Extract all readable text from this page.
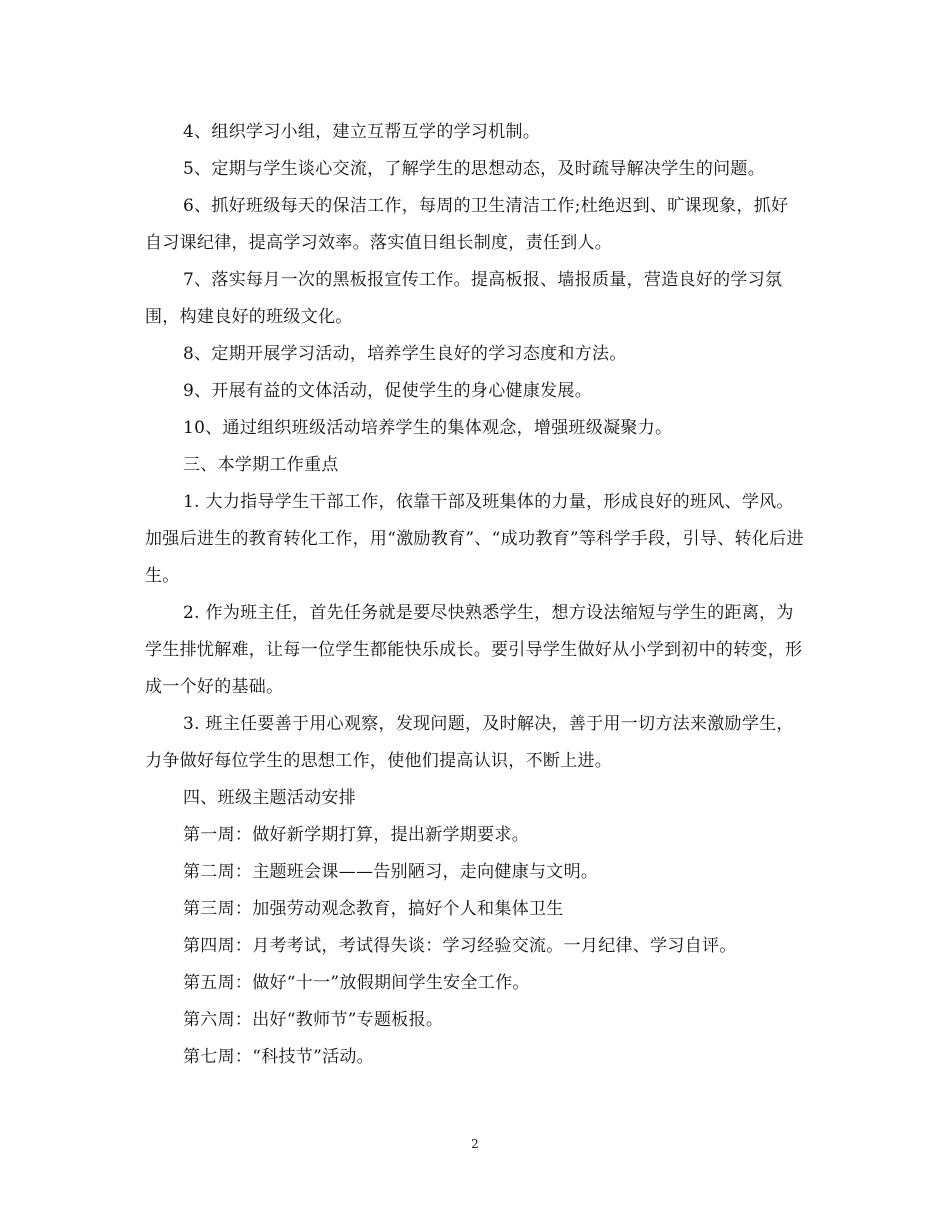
4、组织学习小组，建立互帮互学的学习机制。

5、定期与学生谈心交流，了解学生的思想动态，及时疏导解决学生的问题。

6、抓好班级每天的保洁工作，每周的卫生清洁工作;杜绝迟到、旷课现象，抓好自习课纪律，提高学习效率。落实值日组长制度，责任到人。

7、落实每月一次的黑板报宣传工作。提高板报、墙报质量，营造良好的学习氛围，构建良好的班级文化。

8、定期开展学习活动，培养学生良好的学习态度和方法。

9、开展有益的文体活动，促使学生的身心健康发展。

10、通过组织班级活动培养学生的集体观念，增强班级凝聚力。

三、本学期工作重点

1. 大力指导学生干部工作，依靠干部及班集体的力量，形成良好的班风、学风。加强后进生的教育转化工作，用“激励教育”、“成功教育”等科学手段，引导、转化后进生。

2. 作为班主任，首先任务就是要尽快熟悉学生，想方设法缩短与学生的距离，为学生排忧解难，让每一位学生都能快乐成长。要引导学生做好从小学到初中的转变，形成一个好的基础。

3. 班主任要善于用心观察，发现问题，及时解决，善于用一切方法来激励学生，力争做好每位学生的思想工作，使他们提高认识，不断上进。

四、班级主题活动安排

第一周：做好新学期打算，提出新学期要求。

第二周：主题班会课——告别陋习，走向健康与文明。

第三周：加强劳动观念教育，搞好个人和集体卫生

第四周：月考考试，考试得失谈：学习经验交流。一月纪律、学习自评。

第五周：做好“十一”放假期间学生安全工作。

第六周：出好“教师节”专题板报。

第七周：“科技节”活动。

2
